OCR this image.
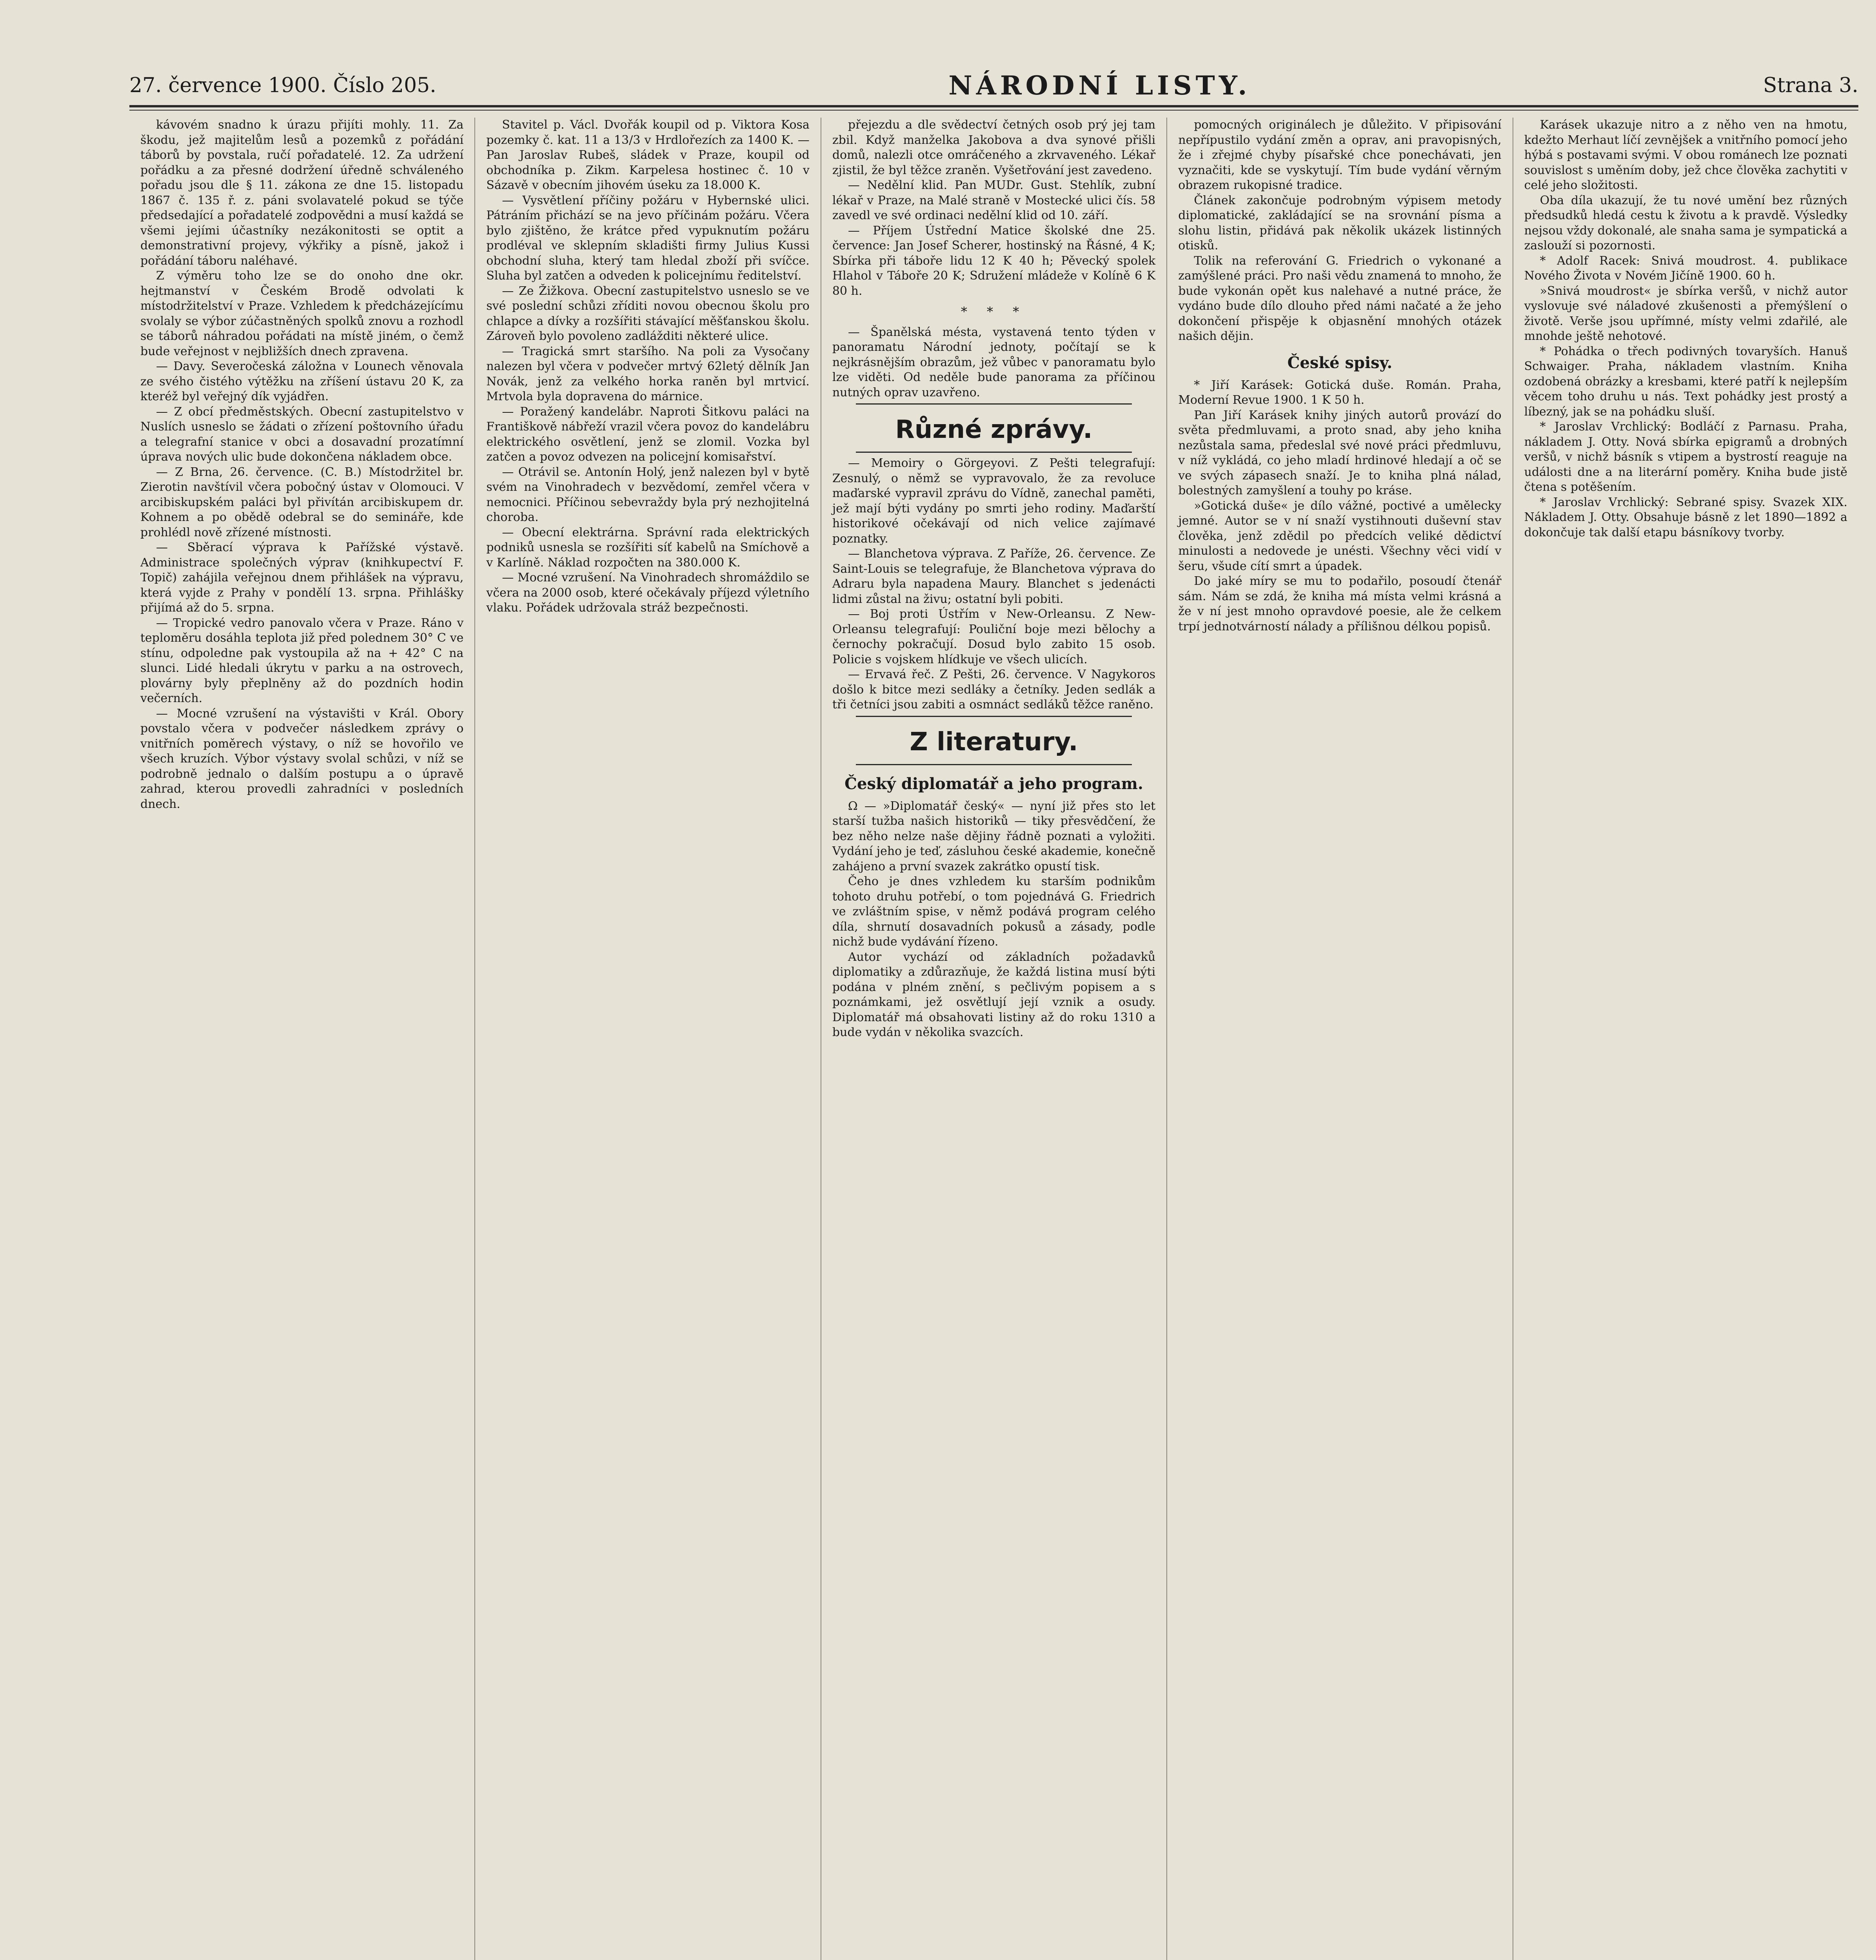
27. července 1900. Číslo 205.	NÁRODNÍ LISTY.	Strana 3.

kávovém snadno k úrazu přijíti mohly. 11. Za škodu, jež majitelům lesů a pozemků z pořádání táborů by povstala, ručí pořadatelé. 12. Za udržení pořádku a za přesné dodržení úředně schváleného pořadu jsou dle § 11. zákona ze dne 15. listopadu 1867 č. 135 ř. z. páni svolavatelé pokud se týče předsedající a pořadatelé zodpovědni a musí každá se všemi jejími účastníky nezákonitosti se optit a demonstrativní projevy, výkřiky a písně, jakož i pořádání táboru naléhavé.

Z výměru toho lze se do onoho dne okr. hejtmanství v Českém Brodě odvolati k místodržitelství v Praze. Vzhledem k předcházejícímu svolaly se výbor zúčastněných spolků znovu a rozhodl se táborů náhradou pořádati na místě jiném, o čemž bude veřejnost v nejbližších dnech zpravena.

— Davy. Severočeská záložna v Lounech věnovala ze svého čistého výtěžku na zříšení ústavu 20 K, za kteréž byl veřejný dík vyjádřen.

— Z obcí předměstských. Obecní zastupitelstvo v Nuslích usneslo se žádati o zřízení poštovního úřadu a telegrafní stanice v obci a dosavadní prozatímní úprava nových ulic bude dokončena nákladem obce.

— Z Brna, 26. července. (C. B.) Místodržitel br. Zierotin navštívil včera pobočný ústav v Olomouci. V arcibiskupském paláci byl přivítán arcibiskupem dr. Kohnem a po obědě odebral se do semináře, kde prohlédl nově zřízené místnosti.

— Sběrací výprava k Pařížské výstavě. Administrace společných výprav (knihkupectví F. Topič) zahájila veřejnou dnem přihlášek na výpravu, která vyjde z Prahy v pondělí 13. srpna. Přihlášky přijímá až do 5. srpna.

— Tropické vedro panovalo včera v Praze. Ráno v teploměru dosáhla teplota již před polednem 30° C ve stínu, odpoledne pak vystoupila až na + 42° C na slunci. Lidé hledali úkrytu v parku a na ostrovech, plovárny byly přeplněny až do pozdních hodin večerních.

— Mocné vzrušení na výstavišti v Král. Obory povstalo včera v podvečer následkem zprávy o vnitřních poměrech výstavy, o níž se hovořilo ve všech kruzích. Výbor výstavy svolal schůzi, v níž se podrobně jednalo o dalším postupu a o úpravě zahrad, kterou provedli zahradníci v posledních dnech.

Stavitel p. Václ. Dvořák koupil od p. Viktora Kosa pozemky č. kat. 11 a 13/3 v Hrdlořezích za 1400 K. — Pan Jaroslav Rubeš, sládek v Praze, koupil od obchodníka p. Zikm. Karpelesa hostinec č. 10 v Sázavě v obecním jihovém úseku za 18.000 K.

— Vysvětlení příčiny požáru v Hybernské ulici. Pátráním přichází se na jevo příčinám požáru. Včera bylo zjištěno, že krátce před vypuknutím požáru prodléval ve sklepním skladišti firmy Julius Kussi obchodní sluha, který tam hledal zboží při svíčce. Sluha byl zatčen a odveden k policejnímu ředitelství.

— Ze Žižkova. Obecní zastupitelstvo usneslo se ve své poslední schůzi zříditi novou obecnou školu pro chlapce a dívky a rozšířiti stávající měšťanskou školu. Zároveň bylo povoleno zadlážditi některé ulice.

— Tragická smrt staršího. Na poli za Vysočany nalezen byl včera v podvečer mrtvý 62letý dělník Jan Novák, jenž za velkého horka raněn byl mrtvicí. Mrtvola byla dopravena do márnice.

— Poražený kandelábr. Naproti Šitkovu paláci na Františkově nábřeží vrazil včera povoz do kandelábru elektrického osvětlení, jenž se zlomil. Vozka byl zatčen a povoz odvezen na policejní komisařství.

— Otrávil se. Antonín Holý, jenž nalezen byl v bytě svém na Vinohradech v bezvědomí, zemřel včera v nemocnici. Příčinou sebevraždy byla prý nezhojitelná choroba.

— Obecní elektrárna. Správní rada elektrických podniků usnesla se rozšířiti síť kabelů na Smíchově a v Karlíně. Náklad rozpočten na 380.000 K.

— Mocné vzrušení. Na Vinohradech shromáždilo se včera na 2000 osob, které očekávaly příjezd výletního vlaku. Pořádek udržovala stráž bezpečnosti.

přejezdu a dle svědectví četných osob prý jej tam zbil. Když manželka Jakobova a dva synové přišli domů, nalezli otce omráčeného a zkrvaveného. Lékař zjistil, že byl těžce zraněn. Vyšetřování jest zavedeno.

— Nedělní klid. Pan MUDr. Gust. Stehlík, zubní lékař v Praze, na Malé straně v Mostecké ulici čís. 58 zavedl ve své ordinaci nedělní klid od 10. září.

— Příjem Ústřední Matice školské dne 25. července: Jan Josef Scherer, hostinský na Řásné, 4 K; Sbírka při táboře lidu 12 K 40 h; Pěvecký spolek Hlahol v Táboře 20 K; Sdružení mládeže v Kolíně 6 K 80 h.

* * *

— Španělská mésta, vystavená tento týden v panoramatu Národní jednoty, počítají se k nejkrásnějším obrazům, jež vůbec v panoramatu bylo lze viděti. Od neděle bude panorama za příčinou nutných oprav uzavřeno.

Různé zprávy.

— Memoiry o Görgeyovi. Z Pešti telegrafují: Zesnulý, o němž se vypravovalo, že za revoluce maďarské vypravil zprávu do Vídně, zanechal paměti, jež mají býti vydány po smrti jeho rodiny. Maďarští historikové očekávají od nich velice zajímavé poznatky.

— Blanchetova výprava. Z Paříže, 26. července. Ze Saint-Louis se telegrafuje, že Blanchetova výprava do Adraru byla napadena Maury. Blanchet s jedenácti lidmi zůstal na živu; ostatní byli pobiti.

— Boj proti Ústřím v New-Orleansu. Z New-Orleansu telegrafují: Pouliční boje mezi bělochy a černochy pokračují. Dosud bylo zabito 15 osob. Policie s vojskem hlídkuje ve všech ulicích.

— Ervavá řeč. Z Pešti, 26. července. V Nagykoros došlo k bitce mezi sedláky a četníky. Jeden sedlák a tři četníci jsou zabiti a osmnáct sedláků těžce raněno.

Z literatury.
Český diplomatář a jeho program.

Ω — »Diplomatář český« — nyní již přes sto let starší tužba našich historiků — tiky přesvědčení, že bez něho nelze naše dějiny řádně poznati a vyložiti. Vydání jeho je teď, zásluhou české akademie, konečně zahájeno a první svazek zakrátko opustí tisk.

Čeho je dnes vzhledem ku starším podnikům tohoto druhu potřebí, o tom pojednává G. Friedrich ve zvláštním spise, v němž podává program celého díla, shrnutí dosavadních pokusů a zásady, podle nichž bude vydávání řízeno.

Autor vychází od základních požadavků diplomatiky a zdůrazňuje, že každá listina musí býti podána v plném znění, s pečlivým popisem a s poznámkami, jež osvětlují její vznik a osudy. Diplomatář má obsahovati listiny až do roku 1310 a bude vydán v několika svazcích.

pomocných originálech je důležito. V připisování nepřípustilo vydání změn a oprav, ani pravopisných, že i zřejmé chyby písařské chce ponechávati, jen vyznačiti, kde se vyskytují. Tím bude vydání věrným obrazem rukopisné tradice.

Článek zakončuje podrobným výpisem metody diplomatické, zakládající se na srovnání písma a slohu listin, přidává pak několik ukázek listinných otisků.

Tolik na referování G. Friedrich o vykonané a zamýšlené práci. Pro naši vědu znamená to mnoho, že bude vykonán opět kus nalehavé a nutné práce, že vydáno bude dílo dlouho před námi načaté a že jeho dokončení přispěje k objasnění mnohých otázek našich dějin.

České spisy.

* Jiří Karásek: Gotická duše. Román. Praha, Moderní Revue 1900. 1 K 50 h.

Pan Jiří Karásek knihy jiných autorů provází do světa předmluvami, a proto snad, aby jeho kniha nezůstala sama, předeslal své nové práci předmluvu, v níž vykládá, co jeho mladí hrdinové hledají a oč se ve svých zápasech snaží. Je to kniha plná nálad, bolestných zamyšlení a touhy po kráse.

»Gotická duše« je dílo vážné, poctivé a umělecky jemné. Autor se v ní snaží vystihnouti duševní stav člověka, jenž zdědil po předcích veliké dědictví minulosti a nedovede je unésti. Všechny věci vidí v šeru, všude cítí smrt a úpadek.

Do jaké míry se mu to podařilo, posoudí čtenář sám. Nám se zdá, že kniha má místa velmi krásná a že v ní jest mnoho opravdové poesie, ale že celkem trpí jednotvárností nálady a přílišnou délkou popisů.

Karásek ukazuje nitro a z něho ven na hmotu, kdežto Merhaut líčí zevnějšek a vnitřního pomocí jeho hýbá s postavami svými. V obou románech lze poznati souvislost s uměním doby, jež chce člověka zachytiti v celé jeho složitosti.

Oba díla ukazují, že tu nové umění bez různých předsudků hledá cestu k životu a k pravdě. Výsledky nejsou vždy dokonalé, ale snaha sama je sympatická a zaslouží si pozornosti.

* Adolf Racek: Snivá moudrost. 4. publikace Nového Života v Novém Jičíně 1900. 60 h.

»Snivá moudrost« je sbírka veršů, v nichž autor vyslovuje své náladové zkušenosti a přemýšlení o životě. Verše jsou upřímné, místy velmi zdařilé, ale mnohde ještě nehotové.

* Pohádka o třech podivných tovaryších. Hanuš Schwaiger. Praha, nákladem vlastním. Kniha ozdobená obrázky a kresbami, které patří k nejlepším věcem toho druhu u nás. Text pohádky jest prostý a líbezný, jak se na pohádku sluší.

* Jaroslav Vrchlický: Bodláčí z Parnasu. Praha, nákladem J. Otty. Nová sbírka epigramů a drobných veršů, v nichž básník s vtipem a bystrostí reaguje na události dne a na literární poměry. Kniha bude jistě čtena s potěšením.

* Jaroslav Vrchlický: Sebrané spisy. Svazek XIX. Nákladem J. Otty. Obsahuje básně z let 1890—1892 a dokončuje tak další etapu básníkovy tvorby.
